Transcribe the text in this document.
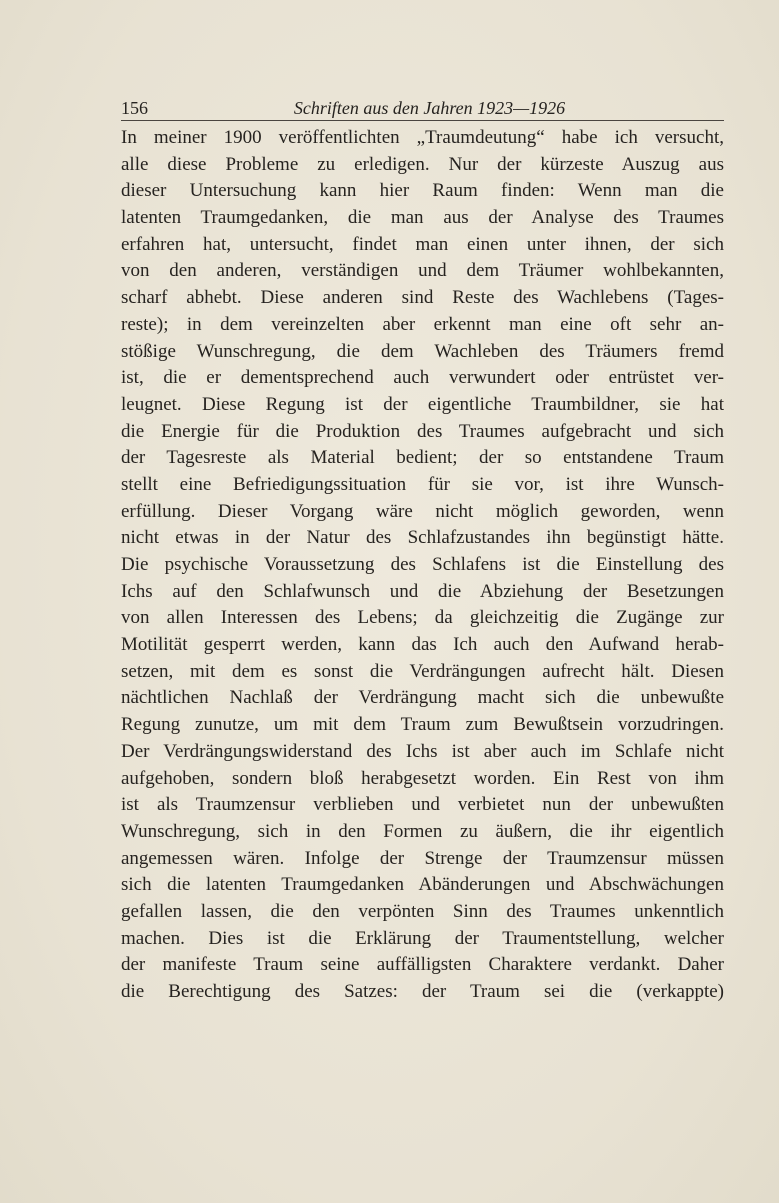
156	Schriften aus den Jahren 1923—1926
In meiner 1900 veröffentlichten „Traumdeutung“ habe ich versucht,
alle diese Probleme zu erledigen. Nur der kürzeste Auszug aus
dieser Untersuchung kann hier Raum finden: Wenn man die
latenten Traumgedanken, die man aus der Analyse des Traumes
erfahren hat, untersucht, findet man einen unter ihnen, der sich
von den anderen, verständigen und dem Träumer wohlbekannten,
scharf abhebt. Diese anderen sind Reste des Wachlebens (Tages-
reste); in dem vereinzelten aber erkennt man eine oft sehr an-
stößige Wunschregung, die dem Wachleben des Träumers fremd
ist, die er dementsprechend auch verwundert oder entrüstet ver-
leugnet. Diese Regung ist der eigentliche Traumbildner, sie hat
die Energie für die Produktion des Traumes aufgebracht und sich
der Tagesreste als Material bedient; der so entstandene Traum
stellt eine Befriedigungssituation für sie vor, ist ihre Wunsch-
erfüllung. Dieser Vorgang wäre nicht möglich geworden, wenn
nicht etwas in der Natur des Schlafzustandes ihn begünstigt hätte.
Die psychische Voraussetzung des Schlafens ist die Einstellung des
Ichs auf den Schlafwunsch und die Abziehung der Besetzungen
von allen Interessen des Lebens; da gleichzeitig die Zugänge zur
Motilität gesperrt werden, kann das Ich auch den Aufwand herab-
setzen, mit dem es sonst die Verdrängungen aufrecht hält. Diesen
nächtlichen Nachlaß der Verdrängung macht sich die unbewußte
Regung zunutze, um mit dem Traum zum Bewußtsein vorzudringen.
Der Verdrängungswiderstand des Ichs ist aber auch im Schlafe nicht
aufgehoben, sondern bloß herabgesetzt worden. Ein Rest von ihm
ist als Traumzensur verblieben und verbietet nun der unbewußten
Wunschregung, sich in den Formen zu äußern, die ihr eigentlich
angemessen wären. Infolge der Strenge der Traumzensur müssen
sich die latenten Traumgedanken Abänderungen und Abschwächungen
gefallen lassen, die den verpönten Sinn des Traumes unkenntlich
machen. Dies ist die Erklärung der Traumentstellung, welcher
der manifeste Traum seine auffälligsten Charaktere verdankt. Daher
die Berechtigung des Satzes: der Traum sei die (verkappte)
